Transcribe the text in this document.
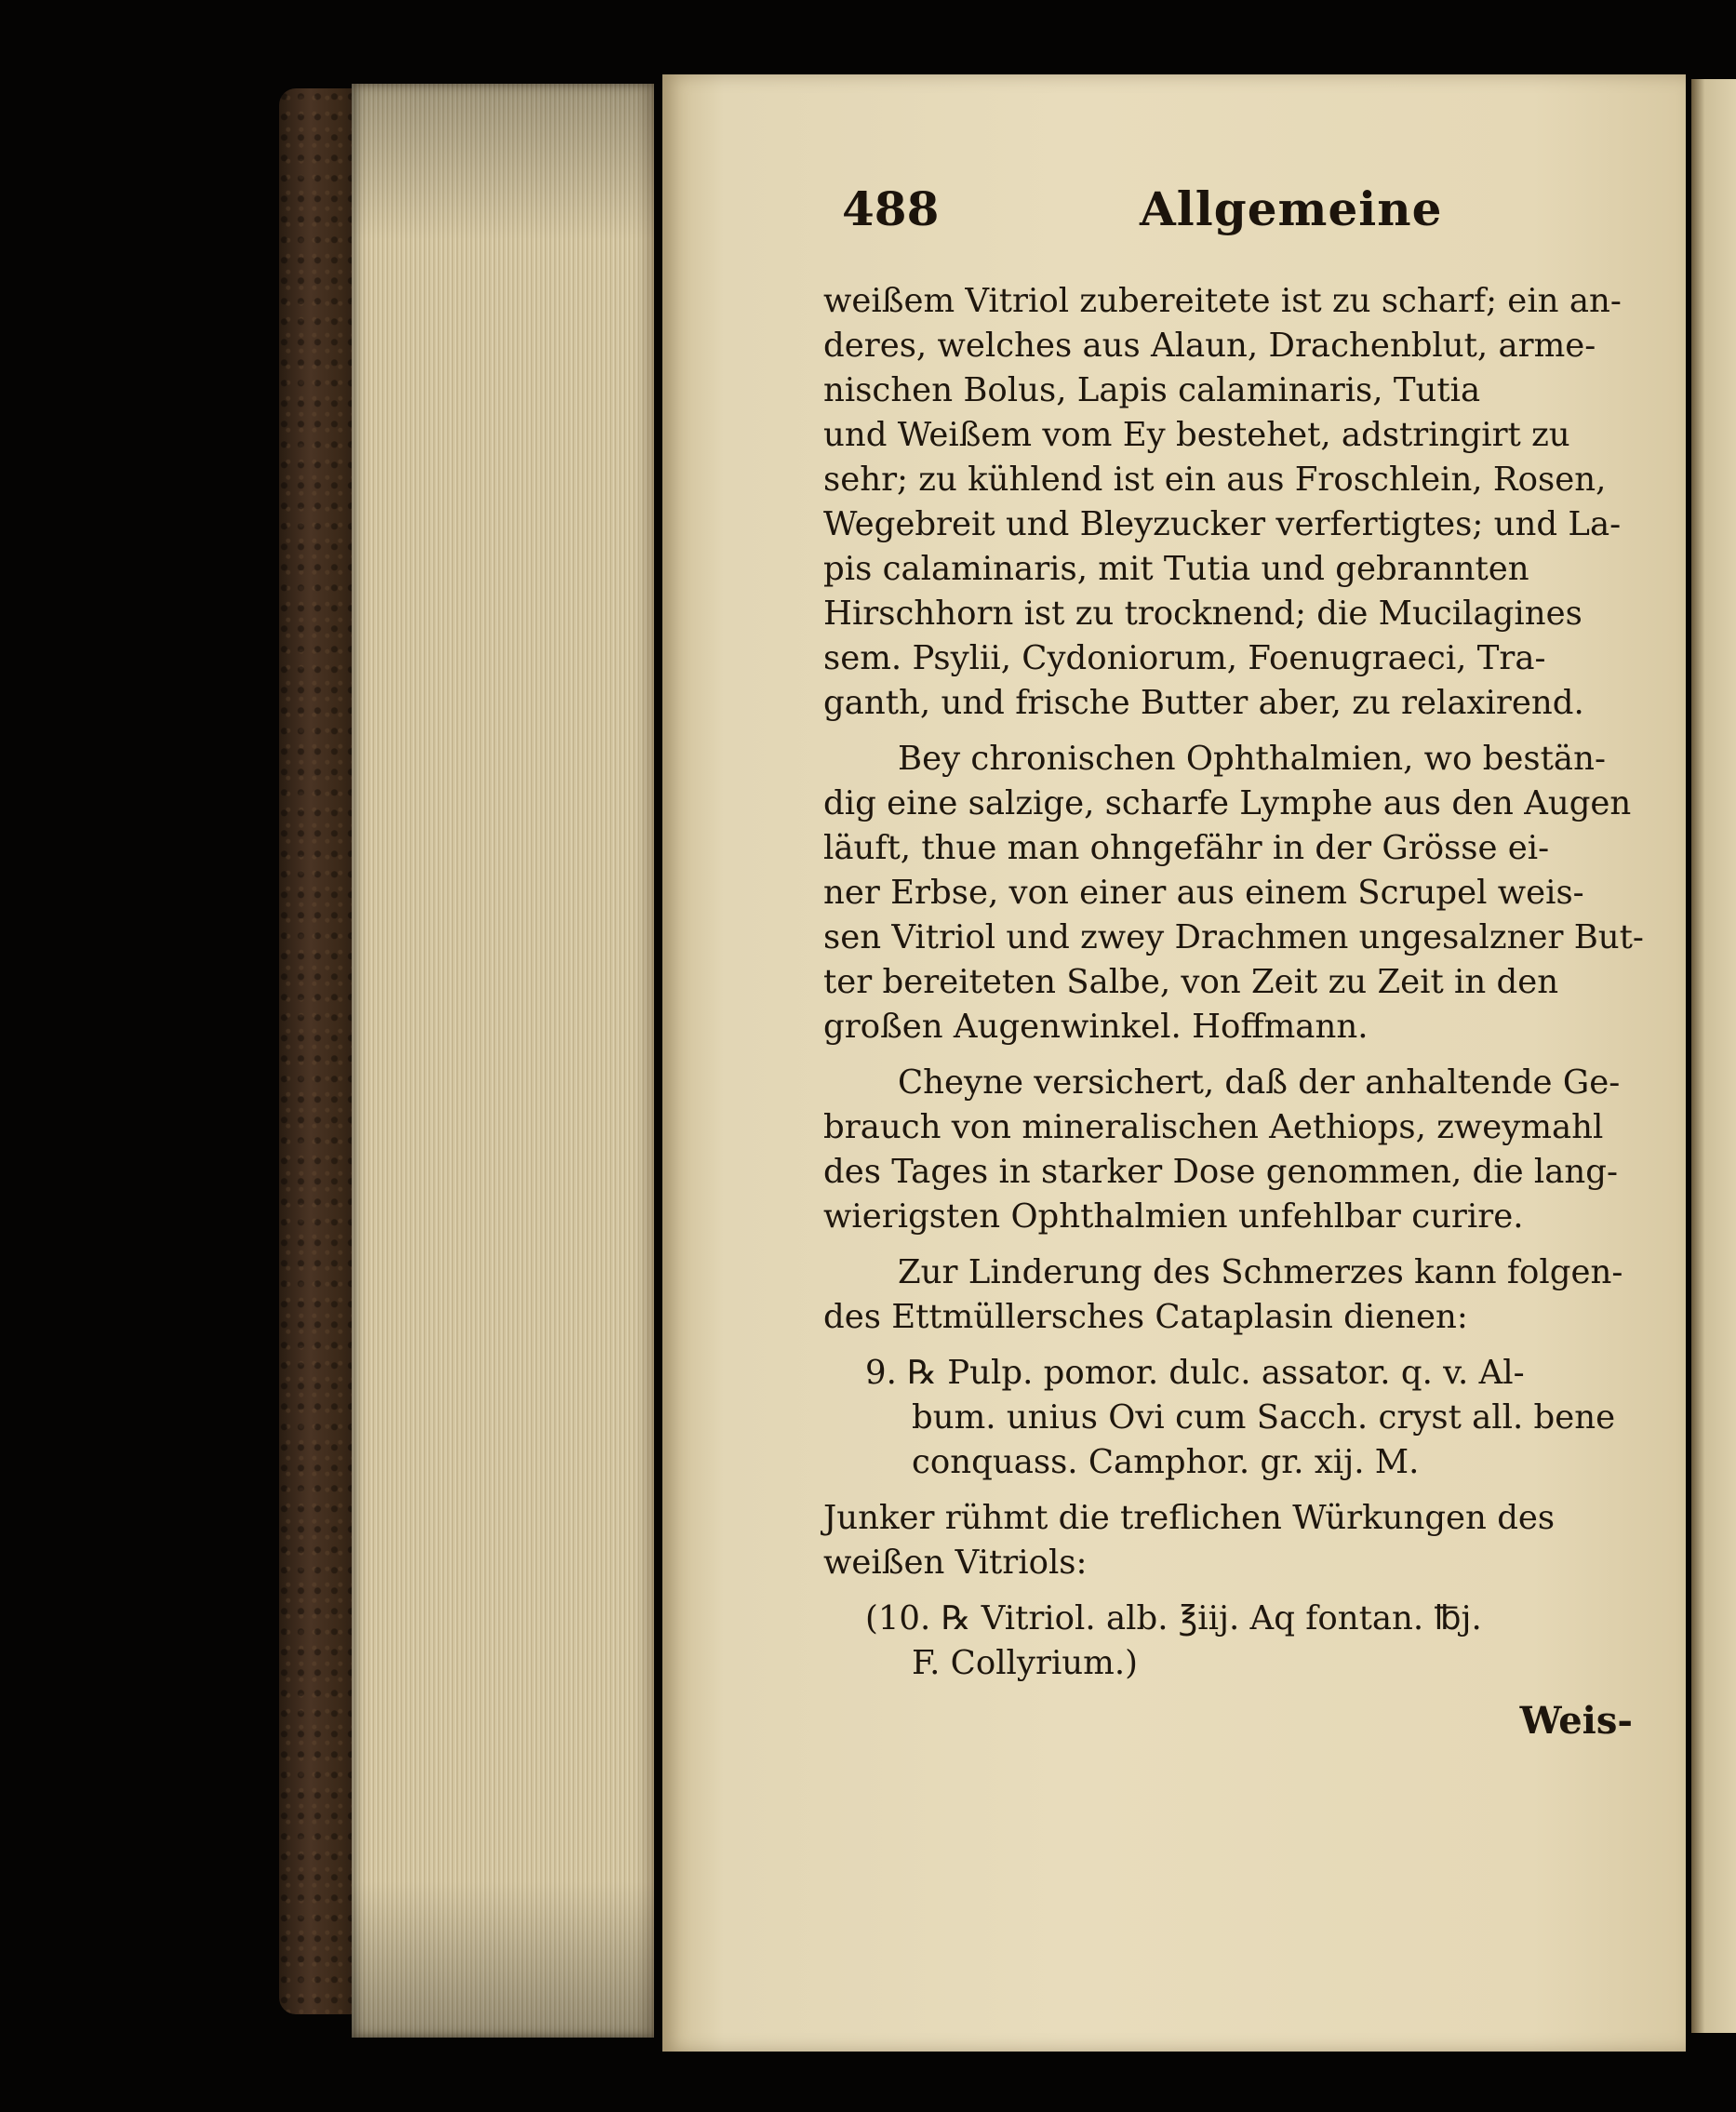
488	Allgemeine
weißem Vitriol zubereitete ist zu scharf; ein an-
deres, welches aus Alaun, Drachenblut, arme-
nischen Bolus, Lapis calaminaris, Tutia
und Weißem vom Ey bestehet, adstringirt zu
sehr; zu kühlend ist ein aus Froschlein, Rosen,
Wegebreit und Bleyzucker verfertigtes; und La-
pis calaminaris, mit Tutia und gebrannten
Hirschhorn ist zu trocknend; die Mucilagines
sem. Psylii, Cydoniorum, Foenugraeci, Tra-
ganth, und frische Butter aber, zu relaxirend.
Bey chronischen Ophthalmien, wo bestän-
dig eine salzige, scharfe Lymphe aus den Augen
läuft, thue man ohngefähr in der Grösse ei-
ner Erbse, von einer aus einem Scrupel weis-
sen Vitriol und zwey Drachmen ungesalzner But-
ter bereiteten Salbe, von Zeit zu Zeit in den
großen Augenwinkel. Hoffmann.
Cheyne versichert, daß der anhaltende Ge-
brauch von mineralischen Aethiops, zweymahl
des Tages in starker Dose genommen, die lang-
wierigsten Ophthalmien unfehlbar curire.
Zur Linderung des Schmerzes kann folgen-
des Ettmüllersches Cataplasin dienen:
9. ℞ Pulp. pomor. dulc. assator. q. v. Al-
bum. unius Ovi cum Sacch. cryst all. bene
conquass. Camphor. gr. xij. M.
Junker rühmt die treflichen Würkungen des
weißen Vitriols:
(10. ℞ Vitriol. alb. ℥iij. Aq fontan. ℔j.
F. Collyrium.)
Weis-
